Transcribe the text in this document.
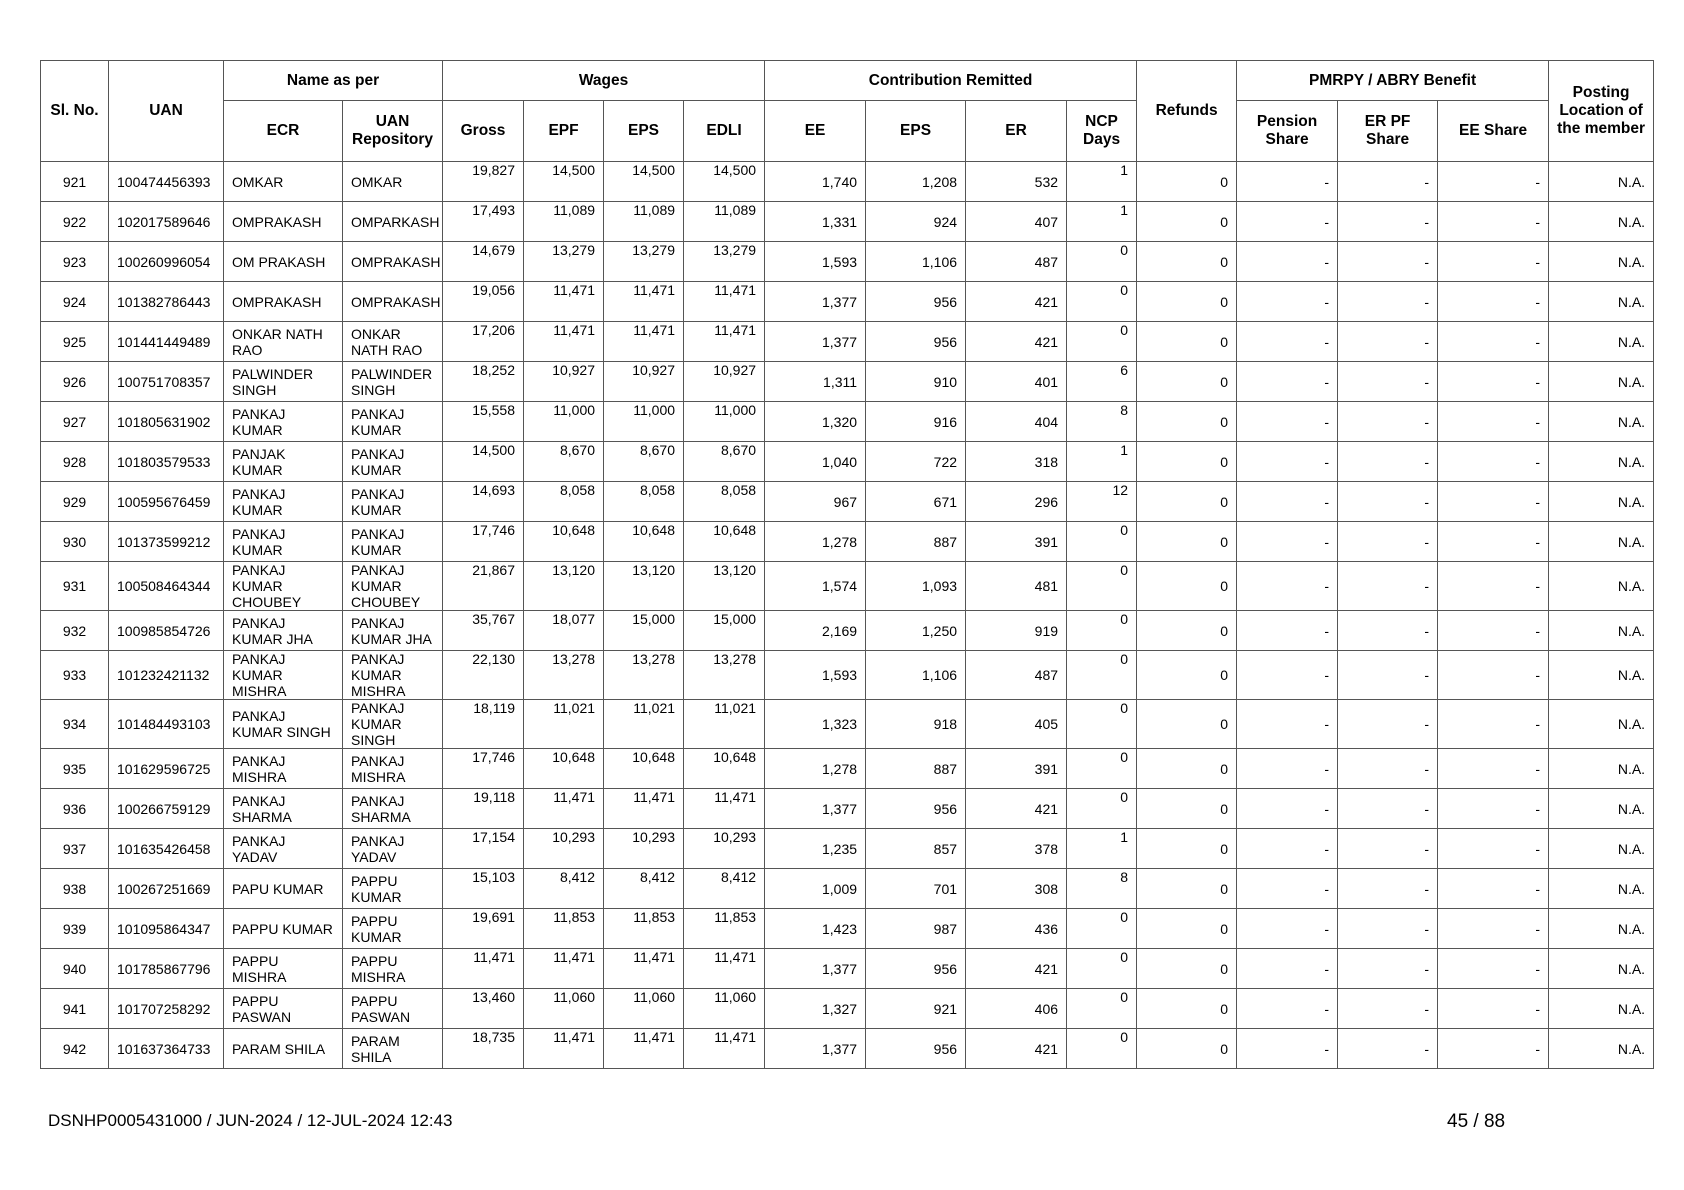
Sl. No.	UAN	Name as per		Wages				Contribution Remitted				Refunds	PMRPY / ABRY Benefit			Posting Location of the member
		ECR	UAN Repository	Gross	EPF	EPS	EDLI	EE	EPS	ER	NCP Days		Pension Share	ER PF Share	EE Share	
921	100474456393	OMKAR	OMKAR	19,827	14,500	14,500	14,500	1,740	1,208	532	1	0	-	-	-	N.A.
922	102017589646	OMPRAKASH	OMPARKASH	17,493	11,089	11,089	11,089	1,331	924	407	1	0	-	-	-	N.A.
923	100260996054	OM PRAKASH	OMPRAKASH	14,679	13,279	13,279	13,279	1,593	1,106	487	0	0	-	-	-	N.A.
924	101382786443	OMPRAKASH	OMPRAKASH	19,056	11,471	11,471	11,471	1,377	956	421	0	0	-	-	-	N.A.
925	101441449489	ONKAR NATH RAO	ONKAR NATH RAO	17,206	11,471	11,471	11,471	1,377	956	421	0	0	-	-	-	N.A.
926	100751708357	PALWINDER SINGH	PALWINDER SINGH	18,252	10,927	10,927	10,927	1,311	910	401	6	0	-	-	-	N.A.
927	101805631902	PANKAJ KUMAR	PANKAJ KUMAR	15,558	11,000	11,000	11,000	1,320	916	404	8	0	-	-	-	N.A.
928	101803579533	PANJAK KUMAR	PANKAJ KUMAR	14,500	8,670	8,670	8,670	1,040	722	318	1	0	-	-	-	N.A.
929	100595676459	PANKAJ KUMAR	PANKAJ KUMAR	14,693	8,058	8,058	8,058	967	671	296	12	0	-	-	-	N.A.
930	101373599212	PANKAJ KUMAR	PANKAJ KUMAR	17,746	10,648	10,648	10,648	1,278	887	391	0	0	-	-	-	N.A.
931	100508464344	PANKAJ KUMAR CHOUBEY	PANKAJ KUMAR CHOUBEY	21,867	13,120	13,120	13,120	1,574	1,093	481	0	0	-	-	-	N.A.
932	100985854726	PANKAJ KUMAR JHA	PANKAJ KUMAR JHA	35,767	18,077	15,000	15,000	2,169	1,250	919	0	0	-	-	-	N.A.
933	101232421132	PANKAJ KUMAR MISHRA	PANKAJ KUMAR MISHRA	22,130	13,278	13,278	13,278	1,593	1,106	487	0	0	-	-	-	N.A.
934	101484493103	PANKAJ KUMAR SINGH	PANKAJ KUMAR SINGH	18,119	11,021	11,021	11,021	1,323	918	405	0	0	-	-	-	N.A.
935	101629596725	PANKAJ MISHRA	PANKAJ MISHRA	17,746	10,648	10,648	10,648	1,278	887	391	0	0	-	-	-	N.A.
936	100266759129	PANKAJ SHARMA	PANKAJ SHARMA	19,118	11,471	11,471	11,471	1,377	956	421	0	0	-	-	-	N.A.
937	101635426458	PANKAJ YADAV	PANKAJ YADAV	17,154	10,293	10,293	10,293	1,235	857	378	1	0	-	-	-	N.A.
938	100267251669	PAPU KUMAR	PAPPU KUMAR	15,103	8,412	8,412	8,412	1,009	701	308	8	0	-	-	-	N.A.
939	101095864347	PAPPU KUMAR	PAPPU KUMAR	19,691	11,853	11,853	11,853	1,423	987	436	0	0	-	-	-	N.A.
940	101785867796	PAPPU MISHRA	PAPPU MISHRA	11,471	11,471	11,471	11,471	1,377	956	421	0	0	-	-	-	N.A.
941	101707258292	PAPPU PASWAN	PAPPU PASWAN	13,460	11,060	11,060	11,060	1,327	921	406	0	0	-	-	-	N.A.
942	101637364733	PARAM SHILA	PARAM SHILA	18,735	11,471	11,471	11,471	1,377	956	421	0	0	-	-	-	N.A.
DSNHP0005431000 / JUN-2024 / 12-JUL-2024 12:43	45 / 88
